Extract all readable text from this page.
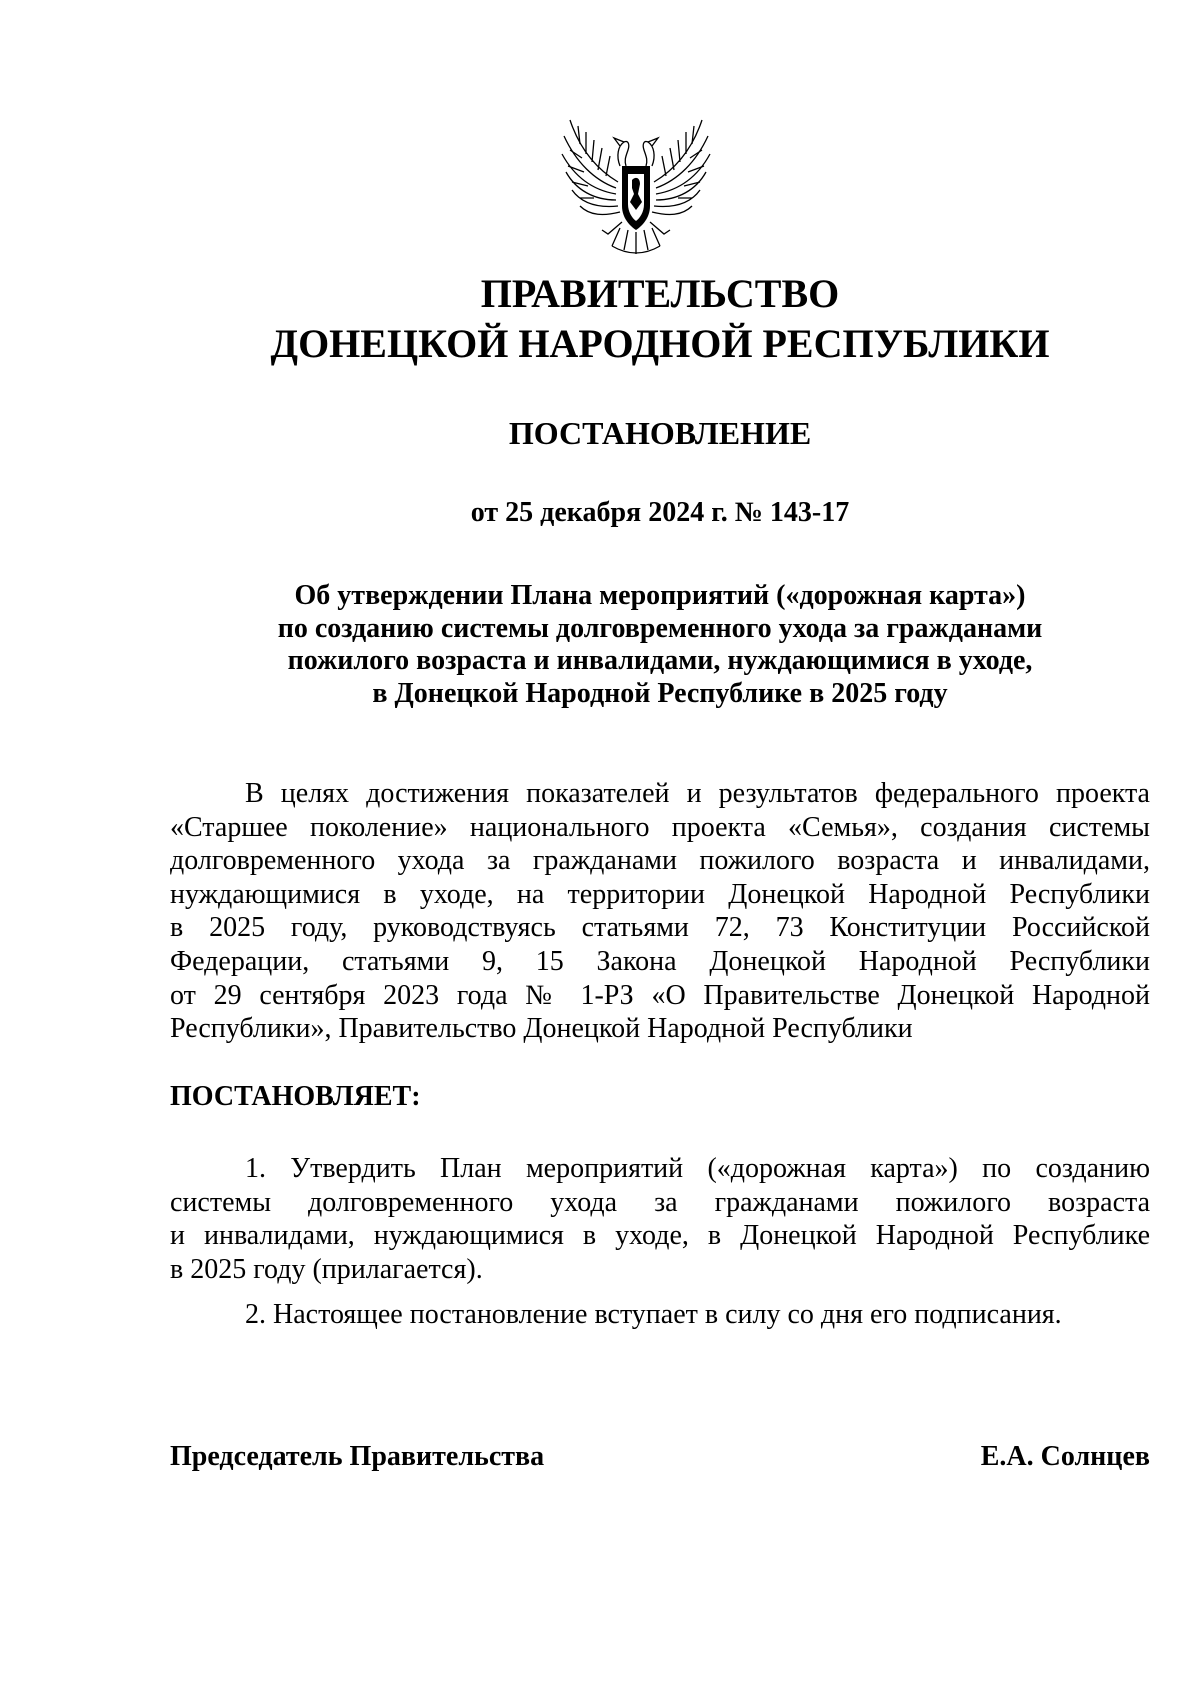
ПРАВИТЕЛЬСТВО
ДОНЕЦКОЙ НАРОДНОЙ РЕСПУБЛИКИ
ПОСТАНОВЛЕНИЕ
от 25 декабря 2024 г. № 143-17
Об утверждении Плана мероприятий («дорожная карта»)
по созданию системы долговременного ухода за гражданами
пожилого возраста и инвалидами, нуждающимися в уходе,
в Донецкой Народной Республике в 2025 году
В целях достижения показателей и результатов федерального проекта
«Старшее поколение» национального проекта «Семья», создания системы
долговременного ухода за гражданами пожилого возраста и инвалидами,
нуждающимися в уходе, на территории Донецкой Народной Республики
в 2025 году, руководствуясь статьями 72, 73 Конституции Российской
Федерации, статьями 9, 15 Закона Донецкой Народной Республики
от 29 сентября 2023 года № 1-РЗ «О Правительстве Донецкой Народной
Республики», Правительство Донецкой Народной Республики
ПОСТАНОВЛЯЕТ:
1. Утвердить План мероприятий («дорожная карта») по созданию
системы долговременного ухода за гражданами пожилого возраста
и инвалидами, нуждающимися в уходе, в Донецкой Народной Республике
в 2025 году (прилагается).
2. Настоящее постановление вступает в силу со дня его подписания.
Председатель Правительства	Е.А. Солнцев
